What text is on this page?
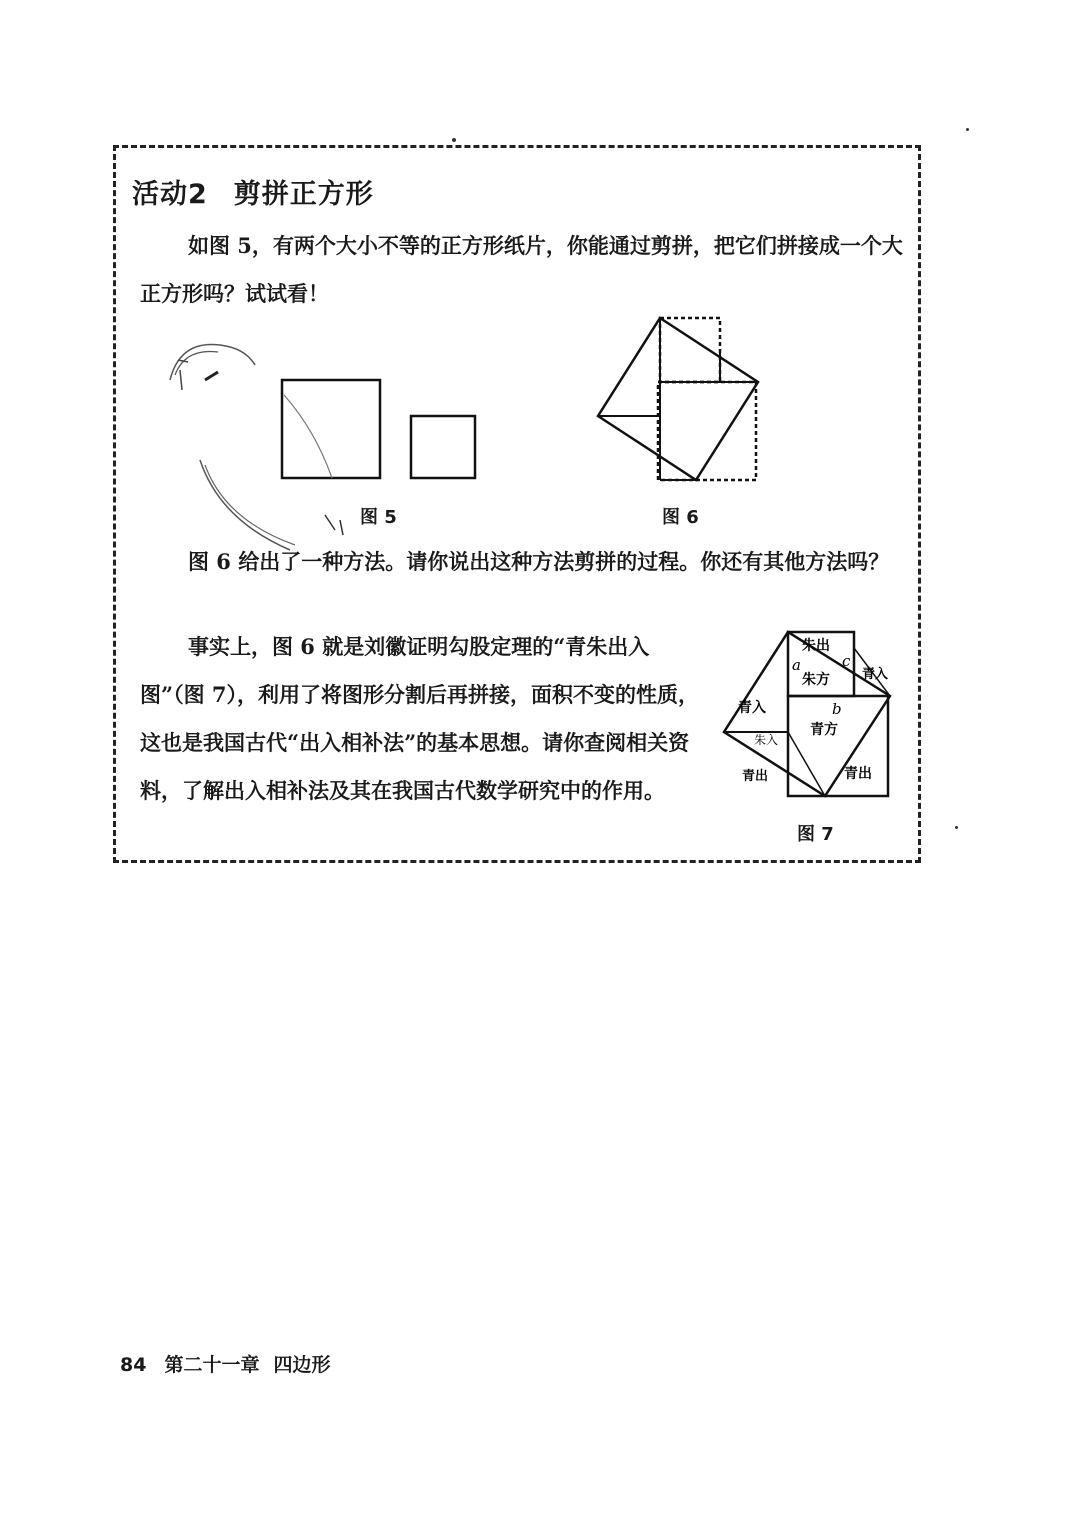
活动2 剪拼正方形

如图 5，有两个大小不等的正方形纸片，你能通过剪拼，把它们拼接成一个大正方形吗？试试看！

图 5	图 6

图 6 给出了一种方法。请你说出这种方法剪拼的过程。你还有其他方法吗？

事实上，图 6 就是刘徽证明勾股定理的“青朱出入图”（图 7），利用了将图形分割后再拼接，面积不变的性质，这也是我国古代“出入相补法”的基本思想。请你查阅相关资料，了解出入相补法及其在我国古代数学研究中的作用。

朱出
a	c
朱方 青入
青入	b
青方
朱入
青出	青出

图 7

84 第二十一章 四边形
